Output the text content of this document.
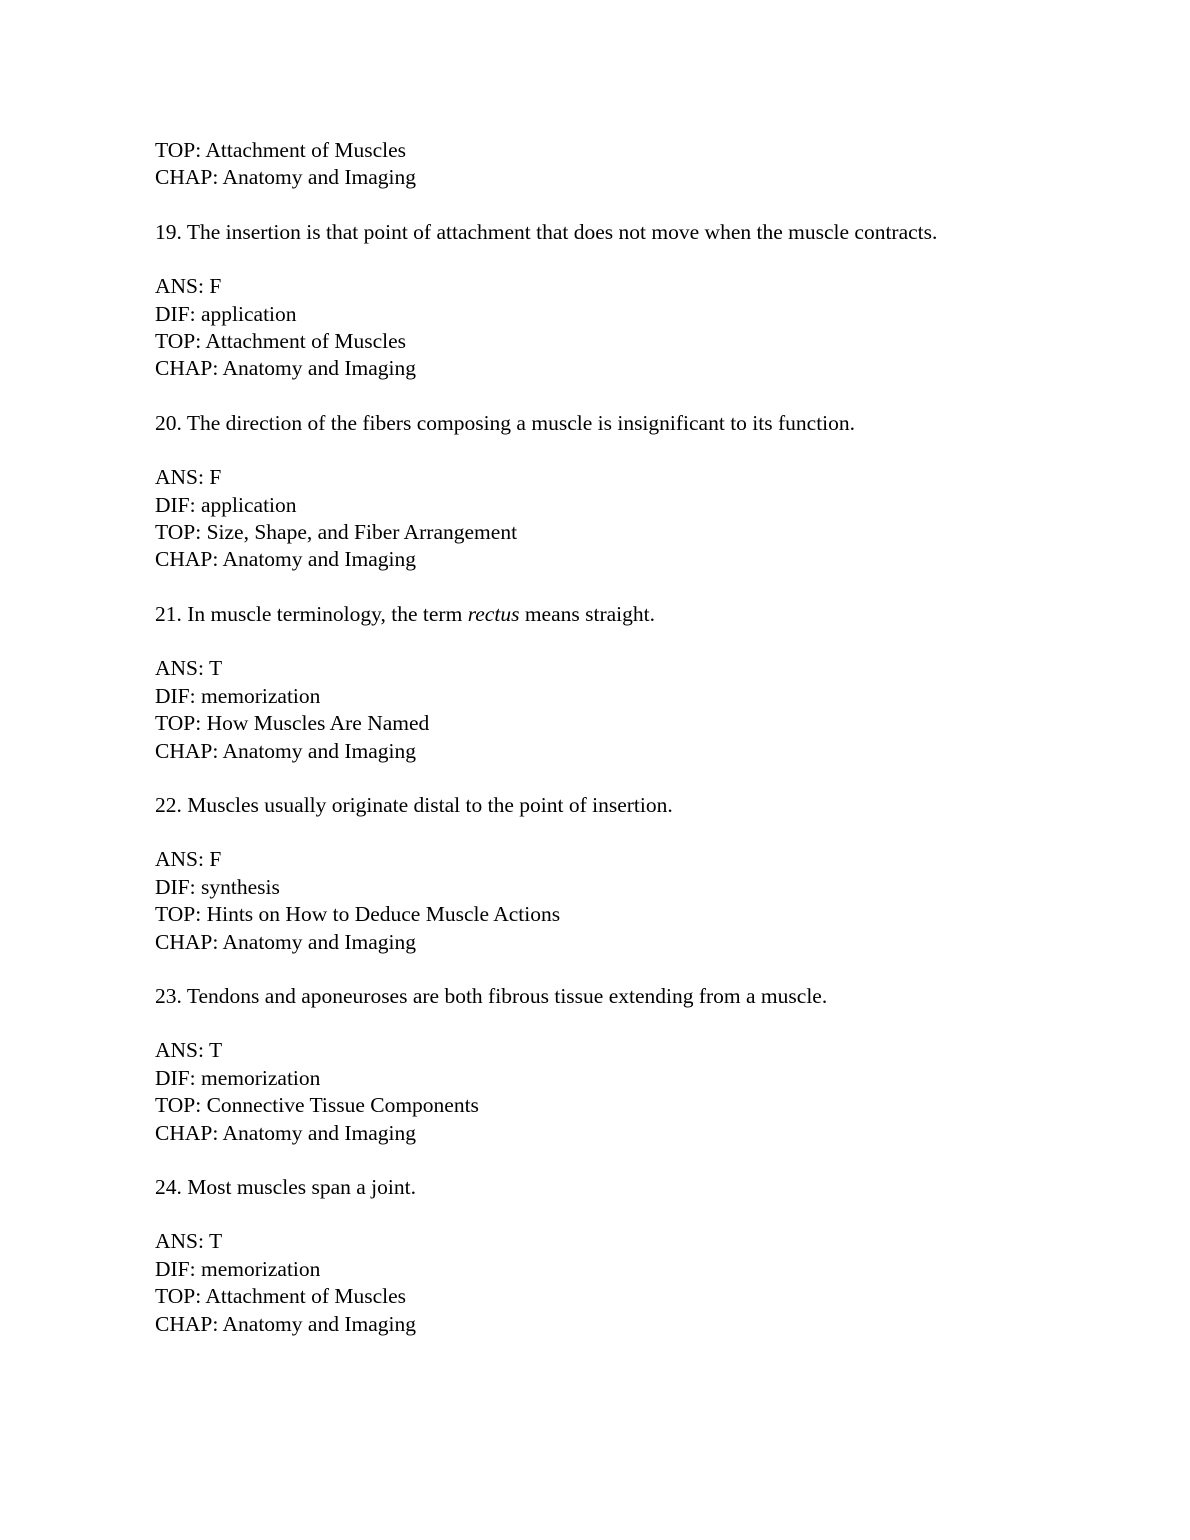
TOP: Attachment of Muscles
CHAP: Anatomy and Imaging
19. The insertion is that point of attachment that does not move when the muscle contracts.
ANS: F
DIF: application
TOP: Attachment of Muscles
CHAP: Anatomy and Imaging
20. The direction of the fibers composing a muscle is insignificant to its function.
ANS: F
DIF: application
TOP: Size, Shape, and Fiber Arrangement
CHAP: Anatomy and Imaging
21. In muscle terminology, the term rectus means straight.
ANS: T
DIF: memorization
TOP: How Muscles Are Named
CHAP: Anatomy and Imaging
22. Muscles usually originate distal to the point of insertion.
ANS: F
DIF: synthesis
TOP: Hints on How to Deduce Muscle Actions
CHAP: Anatomy and Imaging
23. Tendons and aponeuroses are both fibrous tissue extending from a muscle.
ANS: T
DIF: memorization
TOP: Connective Tissue Components
CHAP: Anatomy and Imaging
24. Most muscles span a joint.
ANS: T
DIF: memorization
TOP: Attachment of Muscles
CHAP: Anatomy and Imaging
